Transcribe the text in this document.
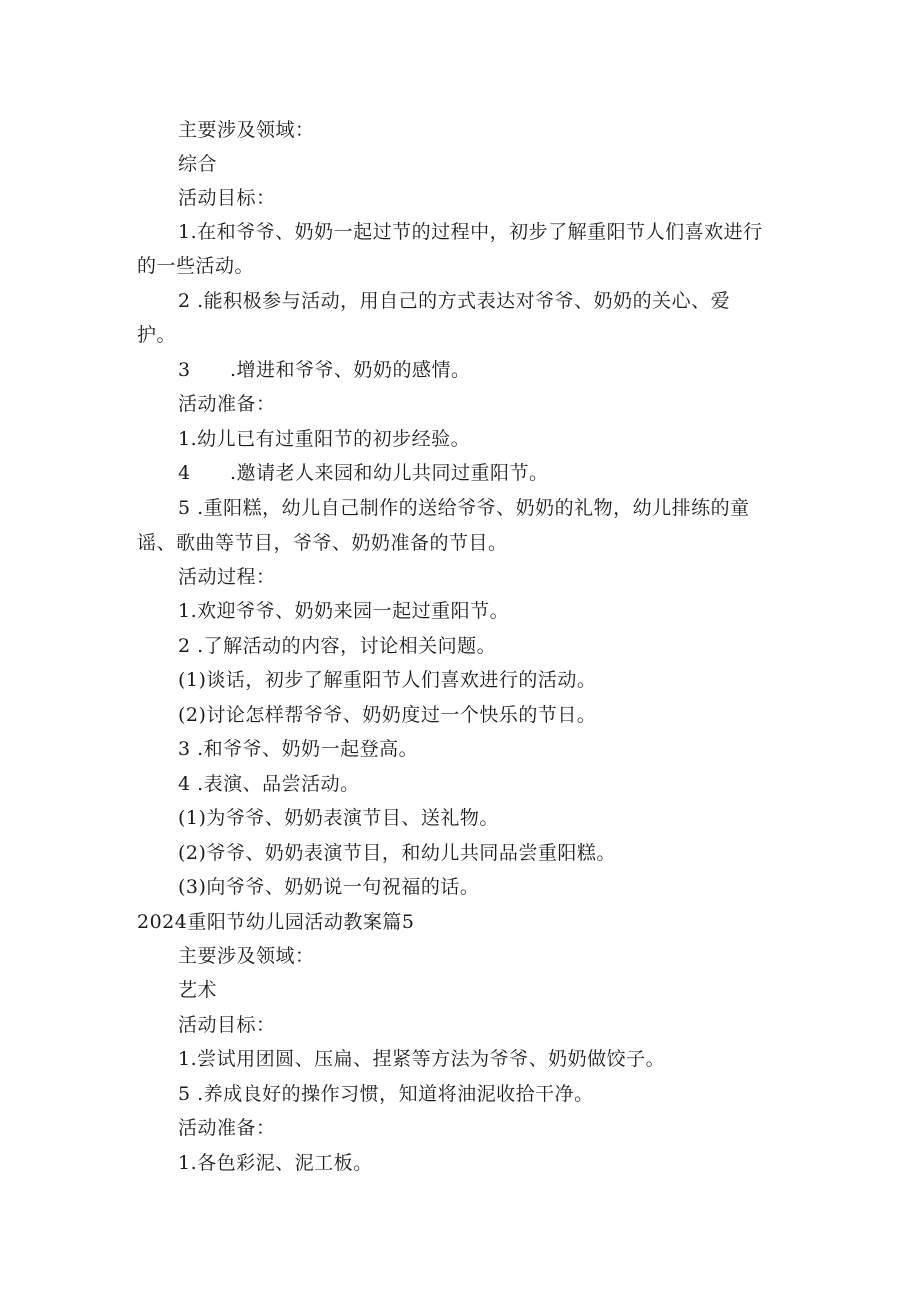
主要涉及领域：

综合

活动目标：

1.在和爷爷、奶奶一起过节的过程中，初步了解重阳节人们喜欢进行

的一些活动。

2 .能积极参与活动，用自己的方式表达对爷爷、奶奶的关心、爱

护。

3 .增进和爷爷、奶奶的感情。

活动准备：

1.幼儿已有过重阳节的初步经验。

4 .邀请老人来园和幼儿共同过重阳节。

5 .重阳糕，幼儿自己制作的送给爷爷、奶奶的礼物，幼儿排练的童

谣、歌曲等节目，爷爷、奶奶准备的节目。

活动过程：

1.欢迎爷爷、奶奶来园一起过重阳节。

2 .了解活动的内容，讨论相关问题。

(1)谈话，初步了解重阳节人们喜欢进行的活动。

(2)讨论怎样帮爷爷、奶奶度过一个快乐的节日。

3 .和爷爷、奶奶一起登高。

4 .表演、品尝活动。

(1)为爷爷、奶奶表演节目、送礼物。

(2)爷爷、奶奶表演节目，和幼儿共同品尝重阳糕。

(3)向爷爷、奶奶说一句祝福的话。

2024重阳节幼儿园活动教案篇5

主要涉及领域：

艺术

活动目标：

1.尝试用团圆、压扁、捏紧等方法为爷爷、奶奶做饺子。

5 .养成良好的操作习惯，知道将油泥收拾干净。

活动准备：

1.各色彩泥、泥工板。
